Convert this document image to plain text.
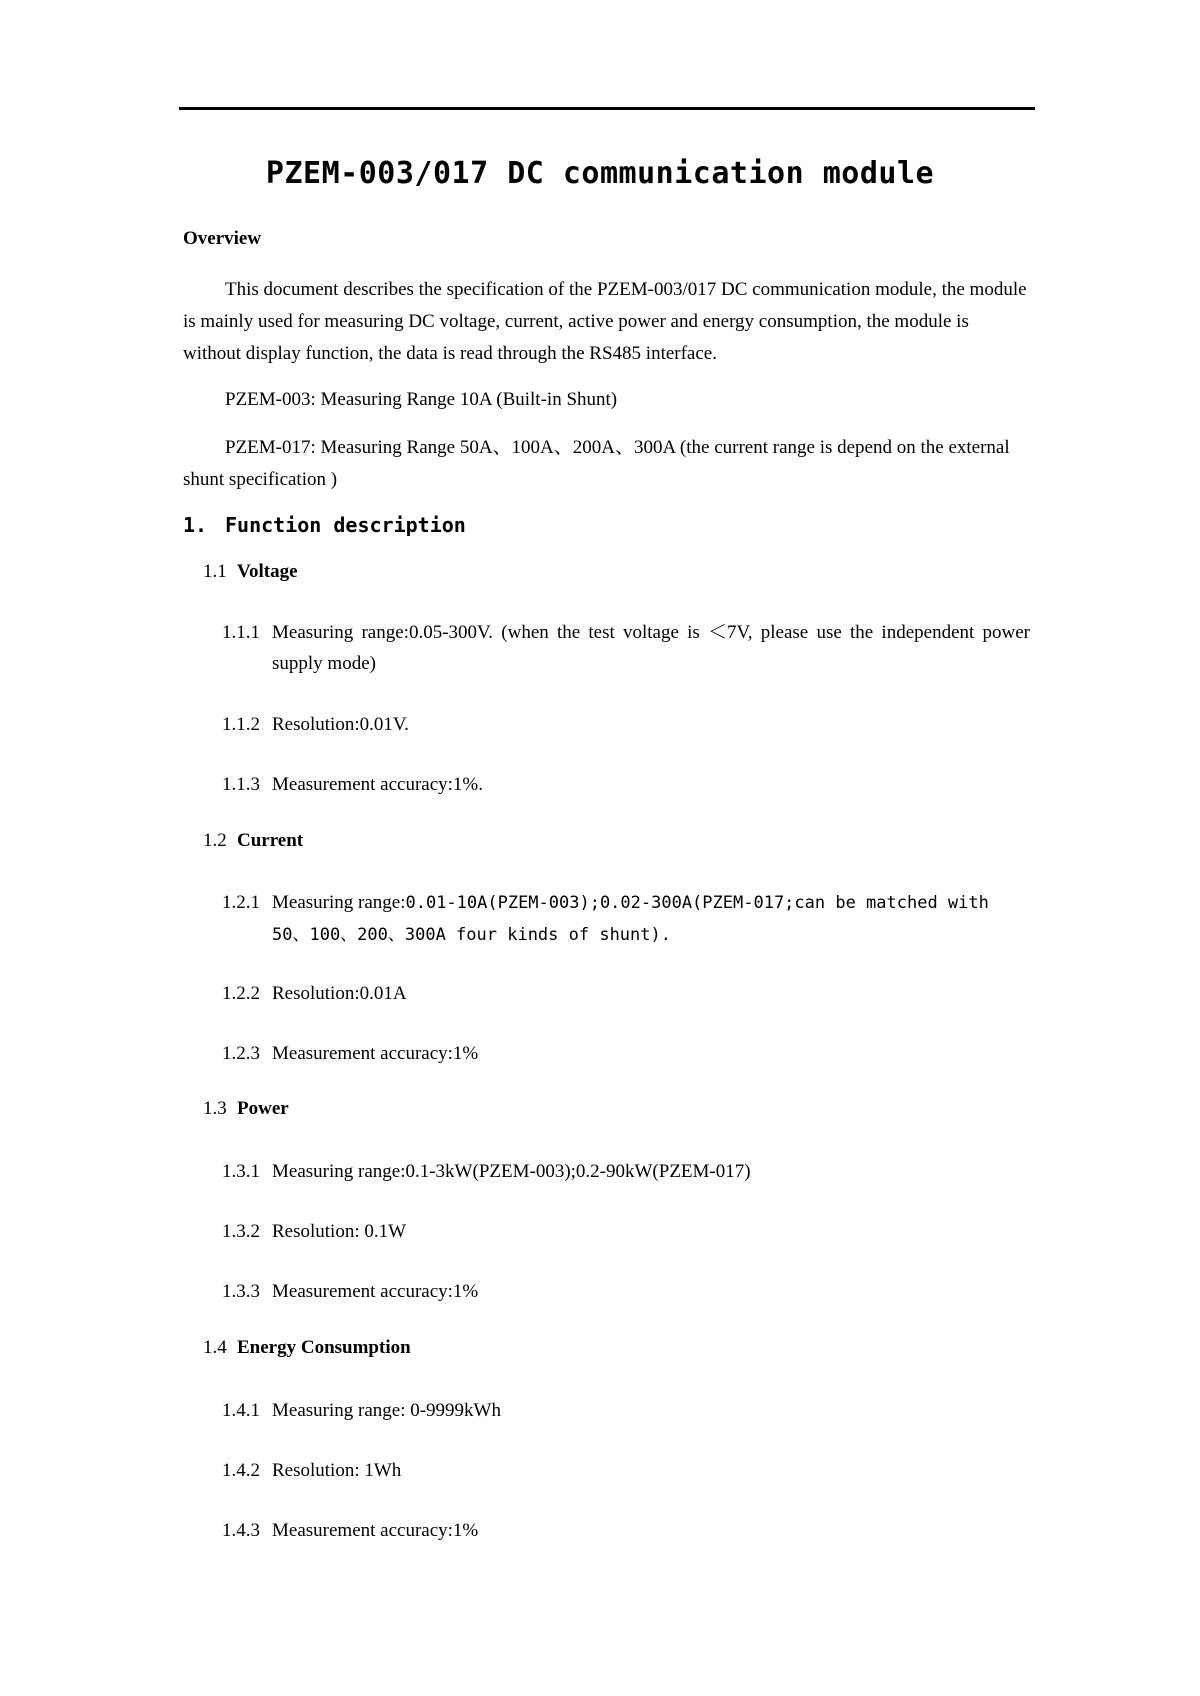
PZEM-003/017 DC communication module
Overview
This document describes the specification of the PZEM-003/017 DC communication module, the module is mainly used for measuring DC voltage, current, active power and energy consumption, the module is without display function, the data is read through the RS485 interface.
PZEM-003: Measuring Range 10A (Built-in Shunt)
PZEM-017: Measuring Range 50A、100A、200A、300A (the current range is depend on the external shunt specification )
1. Function description
1.1 Voltage
1.1.1 Measuring range:0.05-300V. (when the test voltage is ＜7V, please use the independent power supply mode)
1.1.2 Resolution:0.01V.
1.1.3 Measurement accuracy:1%.
1.2 Current
1.2.1 Measuring range:0.01-10A(PZEM-003);0.02-300A(PZEM-017;can be matched with 50、100、200、300A four kinds of shunt).
1.2.2 Resolution:0.01A
1.2.3 Measurement accuracy:1%
1.3 Power
1.3.1 Measuring range:0.1-3kW(PZEM-003);0.2-90kW(PZEM-017)
1.3.2 Resolution: 0.1W
1.3.3 Measurement accuracy:1%
1.4 Energy Consumption
1.4.1 Measuring range: 0-9999kWh
1.4.2 Resolution: 1Wh
1.4.3 Measurement accuracy:1%
